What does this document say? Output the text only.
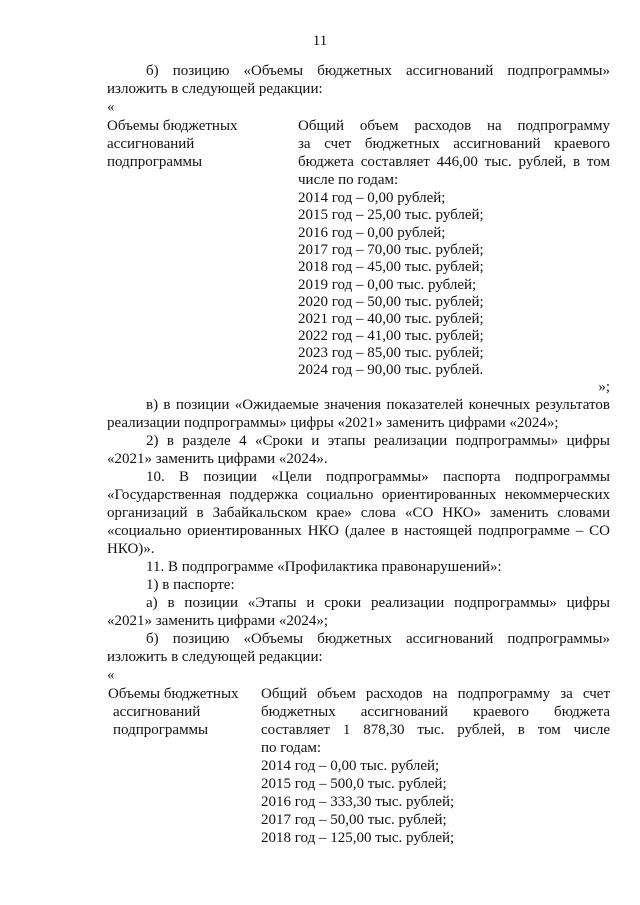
11
б) позицию «Объемы бюджетных ассигнований подпрограммы»
изложить в следующей редакции:
«
Объемы бюджетных
ассигнований
подпрограммы
Общий объем расходов на подпрограмму
за счет бюджетных ассигнований краевого
бюджета составляет 446,00 тыс. рублей, в том
числе по годам:
2014 год – 0,00 рублей;
2015 год – 25,00 тыс. рублей;
2016 год – 0,00 рублей;
2017 год – 70,00 тыс. рублей;
2018 год – 45,00 тыс. рублей;
2019 год – 0,00 тыс. рублей;
2020 год – 50,00 тыс. рублей;
2021 год – 40,00 тыс. рублей;
2022 год – 41,00 тыс. рублей;
2023 год – 85,00 тыс. рублей;
2024 год – 90,00 тыс. рублей.
»;
в) в позиции «Ожидаемые значения показателей конечных результатов
реализации подпрограммы» цифры «2021» заменить цифрами «2024»;
2) в разделе 4 «Сроки и этапы реализации подпрограммы» цифры
«2021» заменить цифрами «2024».
10. В позиции «Цели подпрограммы» паспорта подпрограммы
«Государственная поддержка социально ориентированных некоммерческих
организаций в Забайкальском крае» слова «СО НКО» заменить словами
«социально ориентированных НКО (далее в настоящей подпрограмме – СО
НКО)».
11. В подпрограмме «Профилактика правонарушений»:
1) в паспорте:
а) в позиции «Этапы и сроки реализации подпрограммы» цифры
«2021» заменить цифрами «2024»;
б) позицию «Объемы бюджетных ассигнований подпрограммы»
изложить в следующей редакции:
«
Объемы бюджетных
ассигнований
подпрограммы
Общий объем расходов на подпрограмму за счет
бюджетных ассигнований краевого бюджета
составляет 1 878,30 тыс. рублей, в том числе
по годам:
2014 год – 0,00 тыс. рублей;
2015 год – 500,0 тыс. рублей;
2016 год – 333,30 тыс. рублей;
2017 год – 50,00 тыс. рублей;
2018 год – 125,00 тыс. рублей;
